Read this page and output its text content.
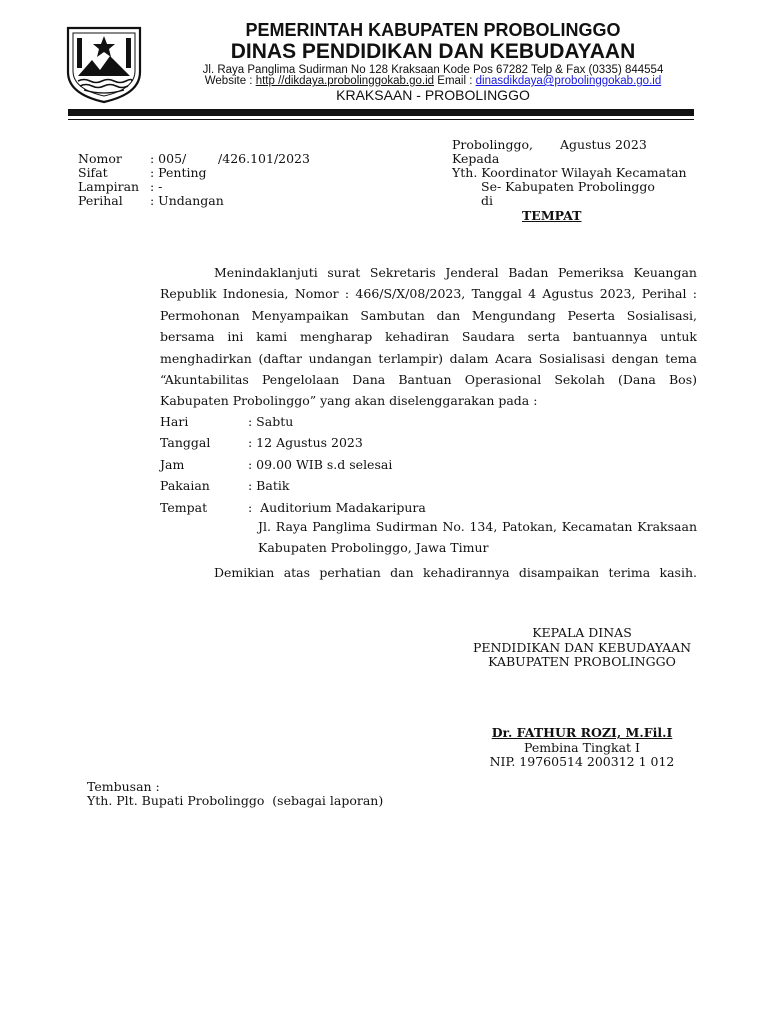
PEMERINTAH KABUPATEN PROBOLINGGO
DINAS PENDIDIKAN DAN KEBUDAYAAN
Jl. Raya Panglima Sudirman No 128 Kraksaan Kode Pos 67282 Telp & Fax (0335) 844554
Website : http //dikdaya.probolinggokab.go.id Email : dinasdikdaya@probolinggokab.go.id
KRAKSAAN - PROBOLINGGO
Probolinggo, Agustus 2023
Kepada
Yth. Koordinator Wilayah Kecamatan
Se- Kabupaten Probolinggo
di
TEMPAT
Nomor : 005/        /426.101/2023
Sifat	: Penting
Lampiran : -
Perihal : Undangan
Menindaklanjuti surat Sekretaris Jenderal Badan Pemeriksa Keuangan
Republik Indonesia, Nomor : 466/S/X/08/2023, Tanggal 4 Agustus 2023, Perihal :
Permohonan Menyampaikan Sambutan dan Mengundang Peserta Sosialisasi,
bersama ini kami mengharap kehadiran Saudara serta bantuannya untuk
menghadirkan (daftar undangan terlampir) dalam Acara Sosialisasi dengan tema
“Akuntabilitas Pengelolaan Dana Bantuan Operasional Sekolah (Dana Bos)
Kabupaten Probolinggo” yang akan diselenggarakan pada :
Hari	: Sabtu
Tanggal	: 12 Agustus 2023
Jam	: 09.00 WIB s.d selesai
Pakaian	: Batik
Tempat	:  Auditorium Madakaripura
Jl. Raya Panglima Sudirman No. 134, Patokan, Kecamatan Kraksaan
Kabupaten Probolinggo, Jawa Timur
Demikian atas perhatian dan kehadirannya disampaikan terima kasih.
KEPALA DINAS
PENDIDIKAN DAN KEBUDAYAAN
KABUPATEN PROBOLINGGO
Dr. FATHUR ROZI, M.Fil.I
Pembina Tingkat I
NIP. 19760514 200312 1 012
Tembusan :
Yth. Plt. Bupati Probolinggo  (sebagai laporan)
